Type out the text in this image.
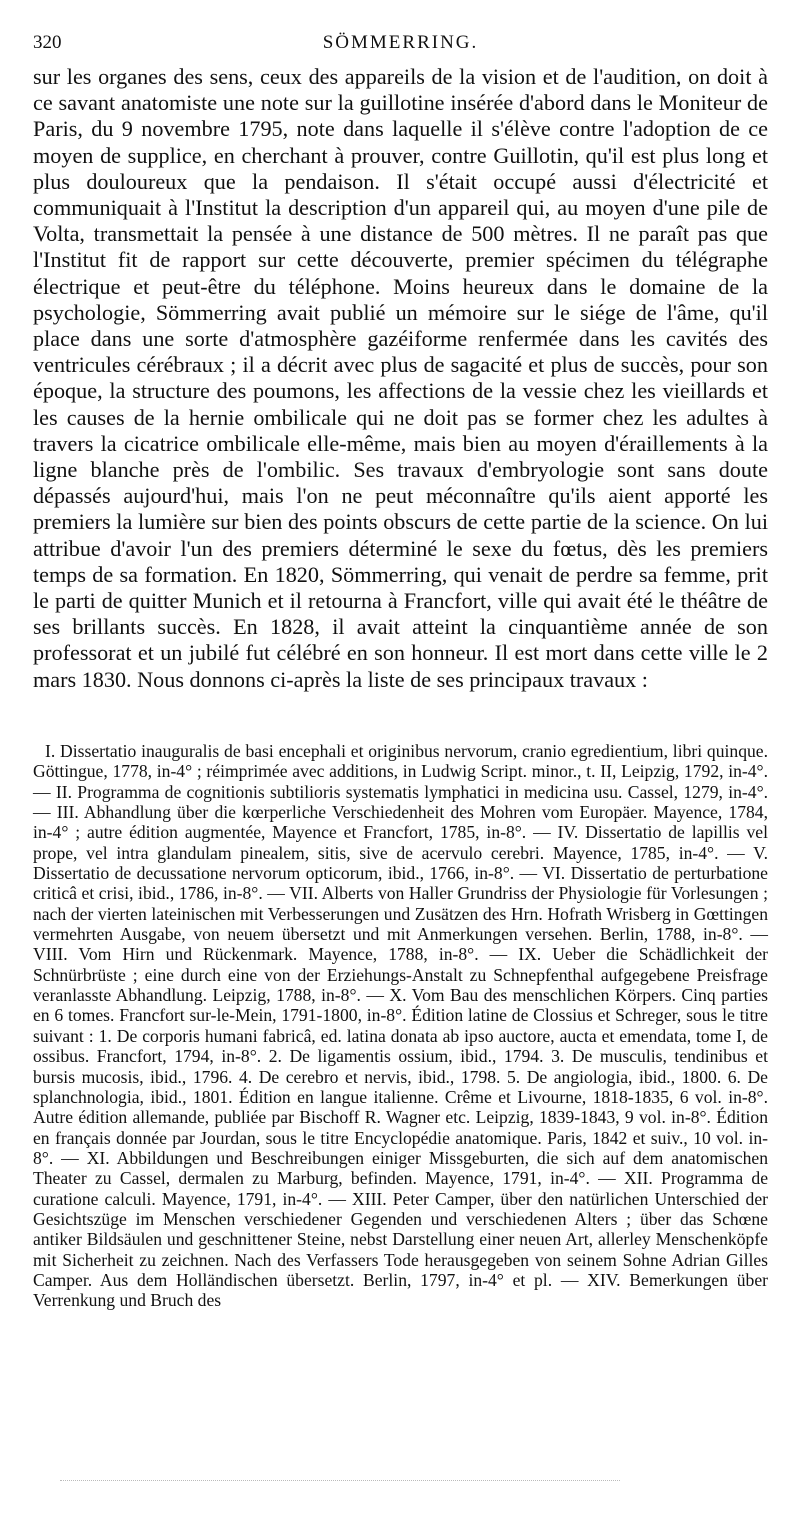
320	SÖMMERRING.

sur les organes des sens, ceux des appareils de la vision et de l'audition, on doit à ce savant anatomiste une note sur la guillotine insérée d'abord dans le Moniteur de Paris, du 9 novembre 1795, note dans laquelle il s'élève contre l'adoption de ce moyen de supplice, en cherchant à prouver, contre Guillotin, qu'il est plus long et plus douloureux que la pendaison. Il s'était occupé aussi d'électricité et communiquait à l'Institut la description d'un appareil qui, au moyen d'une pile de Volta, transmettait la pensée à une distance de 500 mètres. Il ne paraît pas que l'Institut fit de rapport sur cette découverte, premier spécimen du télégraphe électrique et peut-être du téléphone. Moins heureux dans le domaine de la psychologie, Sömmerring avait publié un mémoire sur le siége de l'âme, qu'il place dans une sorte d'atmosphère gazéiforme renfermée dans les cavités des ventricules cérébraux ; il a décrit avec plus de sagacité et plus de succès, pour son époque, la structure des poumons, les affections de la vessie chez les vieillards et les causes de la hernie ombilicale qui ne doit pas se former chez les adultes à travers la cicatrice ombilicale elle-même, mais bien au moyen d'éraillements à la ligne blanche près de l'ombilic. Ses travaux d'embryologie sont sans doute dépassés aujourd'hui, mais l'on ne peut méconnaître qu'ils aient apporté les premiers la lumière sur bien des points obscurs de cette partie de la science. On lui attribue d'avoir l'un des premiers déterminé le sexe du fœtus, dès les premiers temps de sa formation. En 1820, Sömmerring, qui venait de perdre sa femme, prit le parti de quitter Munich et il retourna à Francfort, ville qui avait été le théâtre de ses brillants succès. En 1828, il avait atteint la cinquantième année de son professorat et un jubilé fut célébré en son honneur. Il est mort dans cette ville le 2 mars 1830. Nous donnons ci-après la liste de ses principaux travaux :

I. Dissertatio inauguralis de basi encephali et originibus nervorum, cranio egredientium, libri quinque. Göttingue, 1778, in-4° ; réimprimée avec additions, in Ludwig Script. minor., t. II, Leipzig, 1792, in-4°. — II. Programma de cognitionis subtilioris systematis lymphatici in medicina usu. Cassel, 1279, in-4°. — III. Abhandlung über die kœrperliche Verschiedenheit des Mohren vom Europäer. Mayence, 1784, in-4° ; autre édition augmentée, Mayence et Francfort, 1785, in-8°. — IV. Dissertatio de lapillis vel prope, vel intra glandulam pinealem, sitis, sive de acervulo cerebri. Mayence, 1785, in-4°. — V. Dissertatio de decussatione nervorum opticorum, ibid., 1766, in-8°. — VI. Dissertatio de perturbatione criticâ et crisi, ibid., 1786, in-8°. — VII. Alberts von Haller Grundriss der Physiologie für Vorlesungen ; nach der vierten lateinischen mit Verbesserungen und Zusätzen des Hrn. Hofrath Wrisberg in Gœttingen vermehrten Ausgabe, von neuem übersetzt und mit Anmerkungen versehen. Berlin, 1788, in-8°. — VIII. Vom Hirn und Rückenmark. Mayence, 1788, in-8°. — IX. Ueber die Schädlichkeit der Schnürbrüste ; eine durch eine von der Erziehungs-Anstalt zu Schnepfenthal aufgegebene Preisfrage veranlasste Abhandlung. Leipzig, 1788, in-8°. — X. Vom Bau des menschlichen Körpers. Cinq parties en 6 tomes. Francfort sur-le-Mein, 1791-1800, in-8°. Édition latine de Clossius et Schreger, sous le titre suivant : 1. De corporis humani fabricâ, ed. latina donata ab ipso auctore, aucta et emendata, tome I, de ossibus. Francfort, 1794, in-8°. 2. De ligamentis ossium, ibid., 1794. 3. De musculis, tendinibus et bursis mucosis, ibid., 1796. 4. De cerebro et nervis, ibid., 1798. 5. De angiologia, ibid., 1800. 6. De splanchnologia, ibid., 1801. Édition en langue italienne. Crême et Livourne, 1818-1835, 6 vol. in-8°. Autre édition allemande, publiée par Bischoff R. Wagner etc. Leipzig, 1839-1843, 9 vol. in-8°. Édition en français donnée par Jourdan, sous le titre Encyclopédie anatomique. Paris, 1842 et suiv., 10 vol. in-8°. — XI. Abbildungen und Beschreibungen einiger Missgeburten, die sich auf dem anatomischen Theater zu Cassel, dermalen zu Marburg, befinden. Mayence, 1791, in-4°. — XII. Programma de curatione calculi. Mayence, 1791, in-4°. — XIII. Peter Camper, über den natürlichen Unterschied der Gesichtszüge im Menschen verschiedener Gegenden und verschiedenen Alters ; über das Schœne antiker Bildsäulen und geschnittener Steine, nebst Darstellung einer neuen Art, allerley Menschenköpfe mit Sicherheit zu zeichnen. Nach des Verfassers Tode herausgegeben von seinem Sohne Adrian Gilles Camper. Aus dem Holländischen übersetzt. Berlin, 1797, in-4° et pl. — XIV. Bemerkungen über Verrenkung und Bruch des
